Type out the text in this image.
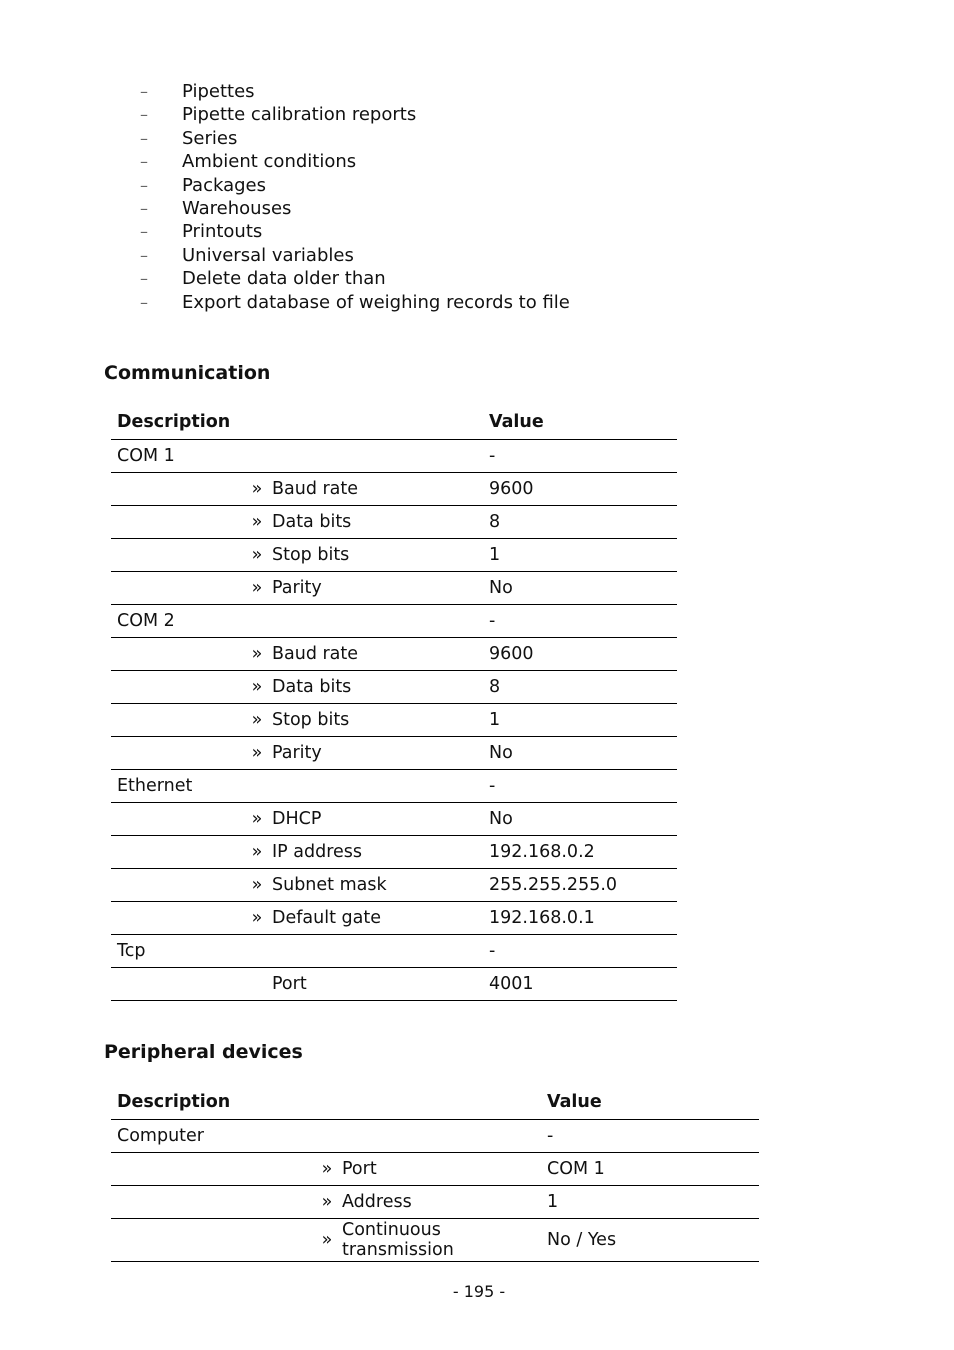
–	Pipettes
–	Pipette calibration reports
–	Series
–	Ambient conditions
–	Packages
–	Warehouses
–	Printouts
–	Universal variables
–	Delete data older than
–	Export database of weighing records to file
Communication
Description	Value
COM 1	-
» Baud rate	9600
» Data bits	8
» Stop bits	1
» Parity	No
COM 2	-
» Baud rate	9600
» Data bits	8
» Stop bits	1
» Parity	No
Ethernet	-
» DHCP	No
» IP address	192.168.0.2
» Subnet mask	255.255.255.0
» Default gate	192.168.0.1
Tcp	-
Port	4001
Peripheral devices
Description	Value
Computer	-
» Port	COM 1
» Address	1
» Continuous transmission	No / Yes
- 195 -
